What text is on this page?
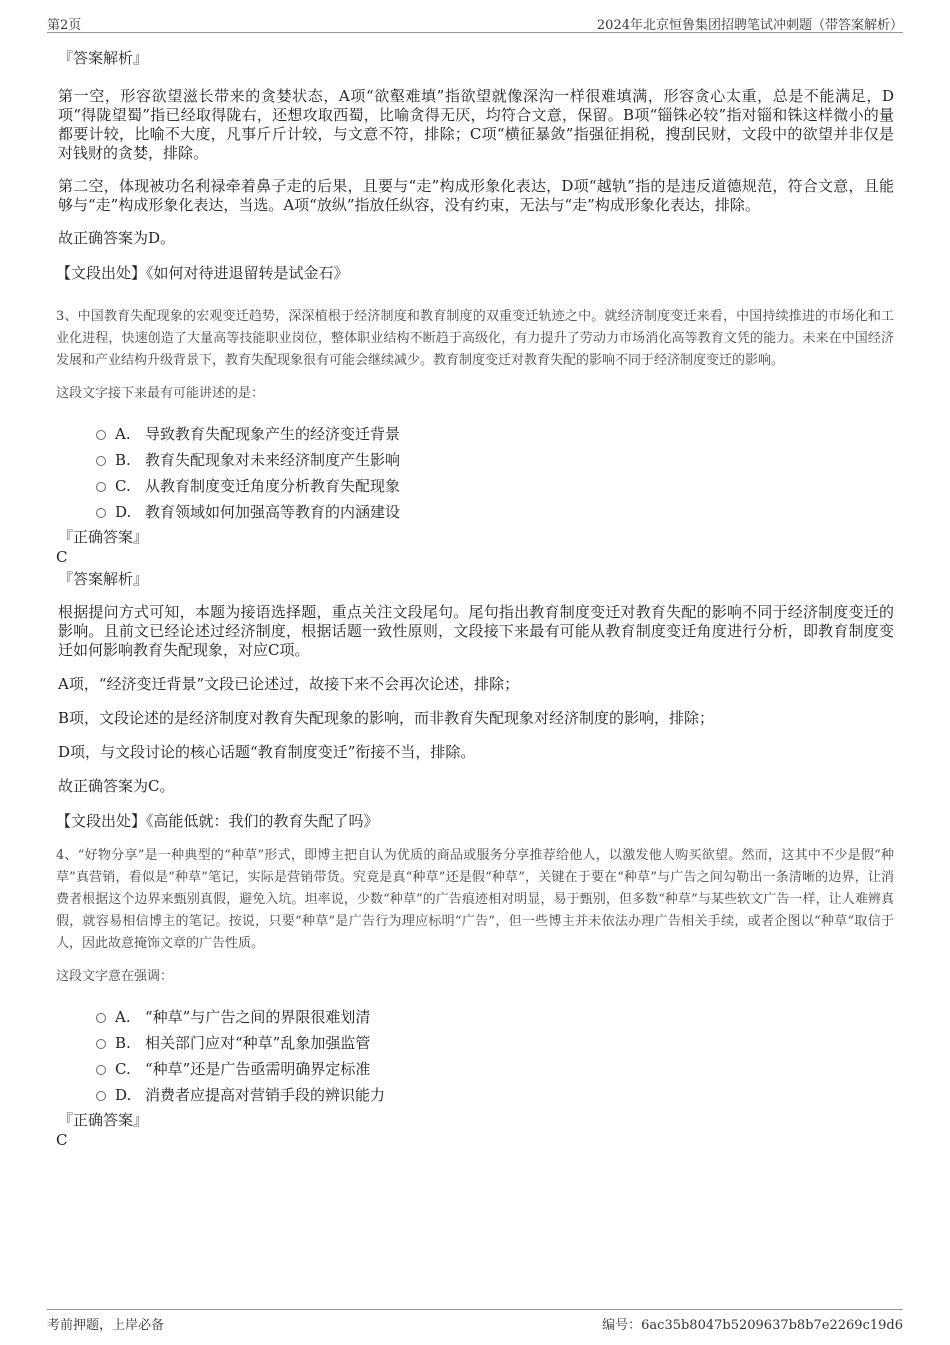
第2页	2024年北京恒鲁集团招聘笔试冲刺题（带答案解析）

『答案解析』

第一空，形容欲望滋长带来的贪婪状态，A项“欲壑难填”指欲望就像深沟一样很难填满，形容贪心太重，总是不能满足，D项“得陇望蜀”指已经取得陇右，还想攻取西蜀，比喻贪得无厌，均符合文意，保留。B项“锱铢必较”指对锱和铢这样微小的量都要计较，比喻不大度，凡事斤斤计较，与文意不符，排除；C项“横征暴敛”指强征捐税，搜刮民财，文段中的欲望并非仅是对钱财的贪婪，排除。

第二空，体现被功名利禄牵着鼻子走的后果，且要与“走”构成形象化表达，D项“越轨”指的是违反道德规范，符合文意，且能够与“走”构成形象化表达，当选。A项“放纵”指放任纵容，没有约束，无法与“走”构成形象化表达，排除。

故正确答案为D。

【文段出处】《如何对待进退留转是试金石》

3、中国教育失配现象的宏观变迁趋势，深深植根于经济制度和教育制度的双重变迁轨迹之中。就经济制度变迁来看，中国持续推进的市场化和工业化进程，快速创造了大量高等技能职业岗位，整体职业结构不断趋于高级化，有力提升了劳动力市场消化高等教育文凭的能力。未来在中国经济发展和产业结构升级背景下，教育失配现象很有可能会继续减少。教育制度变迁对教育失配的影响不同于经济制度变迁的影响。

这段文字接下来最有可能讲述的是：

A. 导致教育失配现象产生的经济变迁背景
B. 教育失配现象对未来经济制度产生影响
C. 从教育制度变迁角度分析教育失配现象
D. 教育领域如何加强高等教育的内涵建设

『正确答案』

C

『答案解析』

根据提问方式可知，本题为接语选择题，重点关注文段尾句。尾句指出教育制度变迁对教育失配的影响不同于经济制度变迁的影响。且前文已经论述过经济制度，根据话题一致性原则，文段接下来最有可能从教育制度变迁角度进行分析，即教育制度变迁如何影响教育失配现象，对应C项。

A项，“经济变迁背景”文段已论述过，故接下来不会再次论述，排除；

B项，文段论述的是经济制度对教育失配现象的影响，而非教育失配现象对经济制度的影响，排除；

D项，与文段讨论的核心话题“教育制度变迁”衔接不当，排除。

故正确答案为C。

【文段出处】《高能低就：我们的教育失配了吗》

4、“好物分享”是一种典型的“种草”形式，即博主把自认为优质的商品或服务分享推荐给他人，以激发他人购买欲望。然而，这其中不少是假“种草”真营销，看似是“种草”笔记，实际是营销带货。究竟是真“种草”还是假“种草”，关键在于要在“种草”与广告之间勾勒出一条清晰的边界，让消费者根据这个边界来甄别真假，避免入坑。坦率说，少数“种草”的广告痕迹相对明显，易于甄别，但多数“种草”与某些软文广告一样，让人难辨真假，就容易相信博主的笔记。按说，只要“种草”是广告行为理应标明“广告”，但一些博主并未依法办理广告相关手续，或者企图以“种草”取信于人，因此故意掩饰文章的广告性质。

这段文字意在强调：

A. “种草”与广告之间的界限很难划清
B. 相关部门应对“种草”乱象加强监管
C. “种草”还是广告亟需明确界定标准
D. 消费者应提高对营销手段的辨识能力

『正确答案』

C

考前押题，上岸必备	编号：6ac35b8047b5209637b8b7e2269c19d6
